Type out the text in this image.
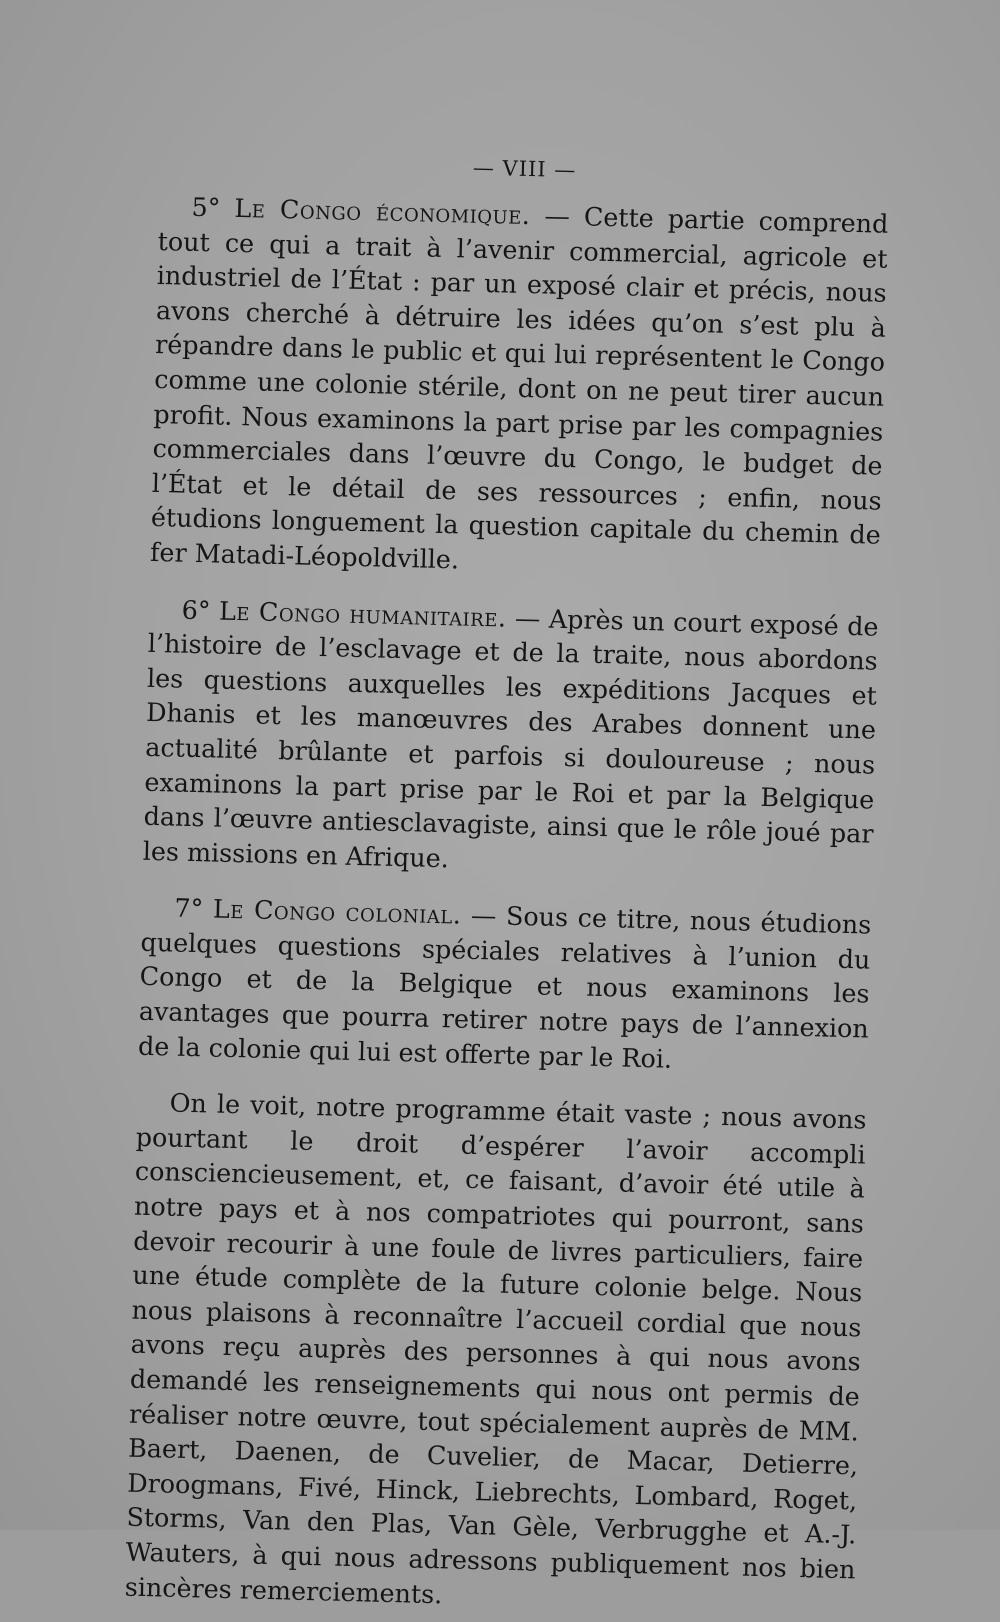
— VIII —

5° Le Congo économique. — Cette partie comprend tout ce qui a trait à l’avenir commercial, agricole et industriel de l’État : par un exposé clair et précis, nous avons cherché à détruire les idées qu’on s’est plu à répandre dans le public et qui lui représentent le Congo comme une colonie stérile, dont on ne peut tirer aucun profit. Nous examinons la part prise par les compagnies commerciales dans l’œuvre du Congo, le budget de l’État et le détail de ses ressources ; enfin, nous étudions longuement la question capitale du chemin de fer Matadi-Léopoldville.

6° Le Congo humanitaire. — Après un court exposé de l’histoire de l’esclavage et de la traite, nous abordons les questions auxquelles les expéditions Jacques et Dhanis et les manœuvres des Arabes donnent une actualité brûlante et parfois si douloureuse ; nous examinons la part prise par le Roi et par la Belgique dans l’œuvre antiesclavagiste, ainsi que le rôle joué par les missions en Afrique.

7° Le Congo colonial. — Sous ce titre, nous étudions quelques questions spéciales relatives à l’union du Congo et de la Belgique et nous examinons les avantages que pourra retirer notre pays de l’annexion de la colonie qui lui est offerte par le Roi.

On le voit, notre programme était vaste ; nous avons pourtant le droit d’espérer l’avoir accompli consciencieusement, et, ce faisant, d’avoir été utile à notre pays et à nos compatriotes qui pourront, sans devoir recourir à une foule de livres particuliers, faire une étude complète de la future colonie belge. Nous nous plaisons à reconnaître l’accueil cordial que nous avons reçu auprès des personnes à qui nous avons demandé les renseignements qui nous ont permis de réaliser notre œuvre, tout spécialement auprès de MM. Baert, Daenen, de Cuvelier, de Macar, Detierre, Droogmans, Fivé, Hinck, Liebrechts, Lombard, Roget, Storms, Van den Plas, Van Gèle, Verbrugghe et A.-J. Wauters, à qui nous adressons publiquement nos bien sincères remerciements.
